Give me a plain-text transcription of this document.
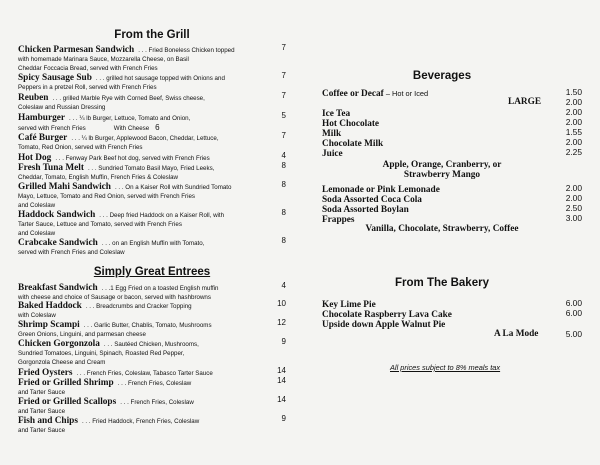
From the Grill
Chicken Parmesan Sandwich . . . Fried Boneless Chicken topped	7
with homemade Marinara Sauce, Mozzarella Cheese, on Basil
Cheddar Foccacia Bread, served with French Fries
Spicy Sausage Sub . . . grilled hot sausage topped with Onions and	7
Peppers in a pretzel Roll, served with French Fries
Reuben . . . grilled Marble Rye with Corned Beef, Swiss cheese,	7
Coleslaw and Russian Dressing
Hamburger . . . ¼ lb Burger, Lettuce, Tomato and Onion,	5
served with French Fries	With Cheese 6
Café Burger . . . ¼ lb Burger, Applewood Bacon, Cheddar, Lettuce,	7
Tomato, Red Onion, served with French Fries
Hot Dog . . . Fenway Park Beef hot dog, served with French Fries	4
Fresh Tuna Melt . . . Sundried Tomato Basil Mayo, Fried Leeks,	8
Cheddar, Tomato, English Muffin, French Fries & Coleslaw
Grilled Mahi Sandwich . . . On a Kaiser Roll with Sundried Tomato	8
Mayo, Lettuce, Tomato and Red Onion, served with French Fries
and Coleslaw
Haddock Sandwich . . . Deep fried Haddock on a Kaiser Roll, with	8
Tarter Sauce, Lettuce and Tomato, served with French Fries
and Coleslaw
Crabcake Sandwich . . . on an English Muffin with Tomato,	8
served with French Fries and Coleslaw
Simply Great Entrees
Breakfast Sandwich . . .1 Egg Fried on a toasted English muffin	4
with cheese and choice of Sausage or bacon, served with hashbrowns
Baked Haddock . . . Breadcrumbs and Cracker Topping	10
with Coleslaw
Shrimp Scampi . . . Garlic Butter, Chablis, Tomato, Mushrooms	12
Green Onions, Linguini, and parmesan cheese
Chicken Gorgonzola . . . Sautéed Chicken, Mushrooms,	9
Sundried Tomatoes, Linguini, Spinach, Roasted Red Pepper,
Gorgonzola Cheese and Cream
Fried Oysters . . . French Fries, Coleslaw, Tabasco Tarter Sauce	14
Fried or Grilled Shrimp . . . French Fries, Coleslaw	14
and Tarter Sauce
Fried or Grilled Scallops . . . French Fries, Coleslaw	14
and Tarter Sauce
Fish and Chips . . . Fried Haddock, French Fries, Coleslaw	9
and Tarter Sauce
Beverages
Coffee or Decaf – Hot or Iced	1.50
LARGE	2.00
Ice Tea	2.00
Hot Chocolate	2.00
Milk	1.55
Chocolate Milk	2.00
Juice	2.25
Apple, Orange, Cranberry, or
Strawberry Mango
Lemonade or Pink Lemonade	2.00
Soda Assorted Coca Cola	2.00
Soda Assorted Boylan	2.50
Frappes	3.00
Vanilla, Chocolate, Strawberry, Coffee
From The Bakery
Key Lime Pie	6.00
Chocolate Raspberry Lava Cake	6.00
Upside down Apple Walnut Pie
A La Mode	5.00
All prices subject to 8% meals tax
